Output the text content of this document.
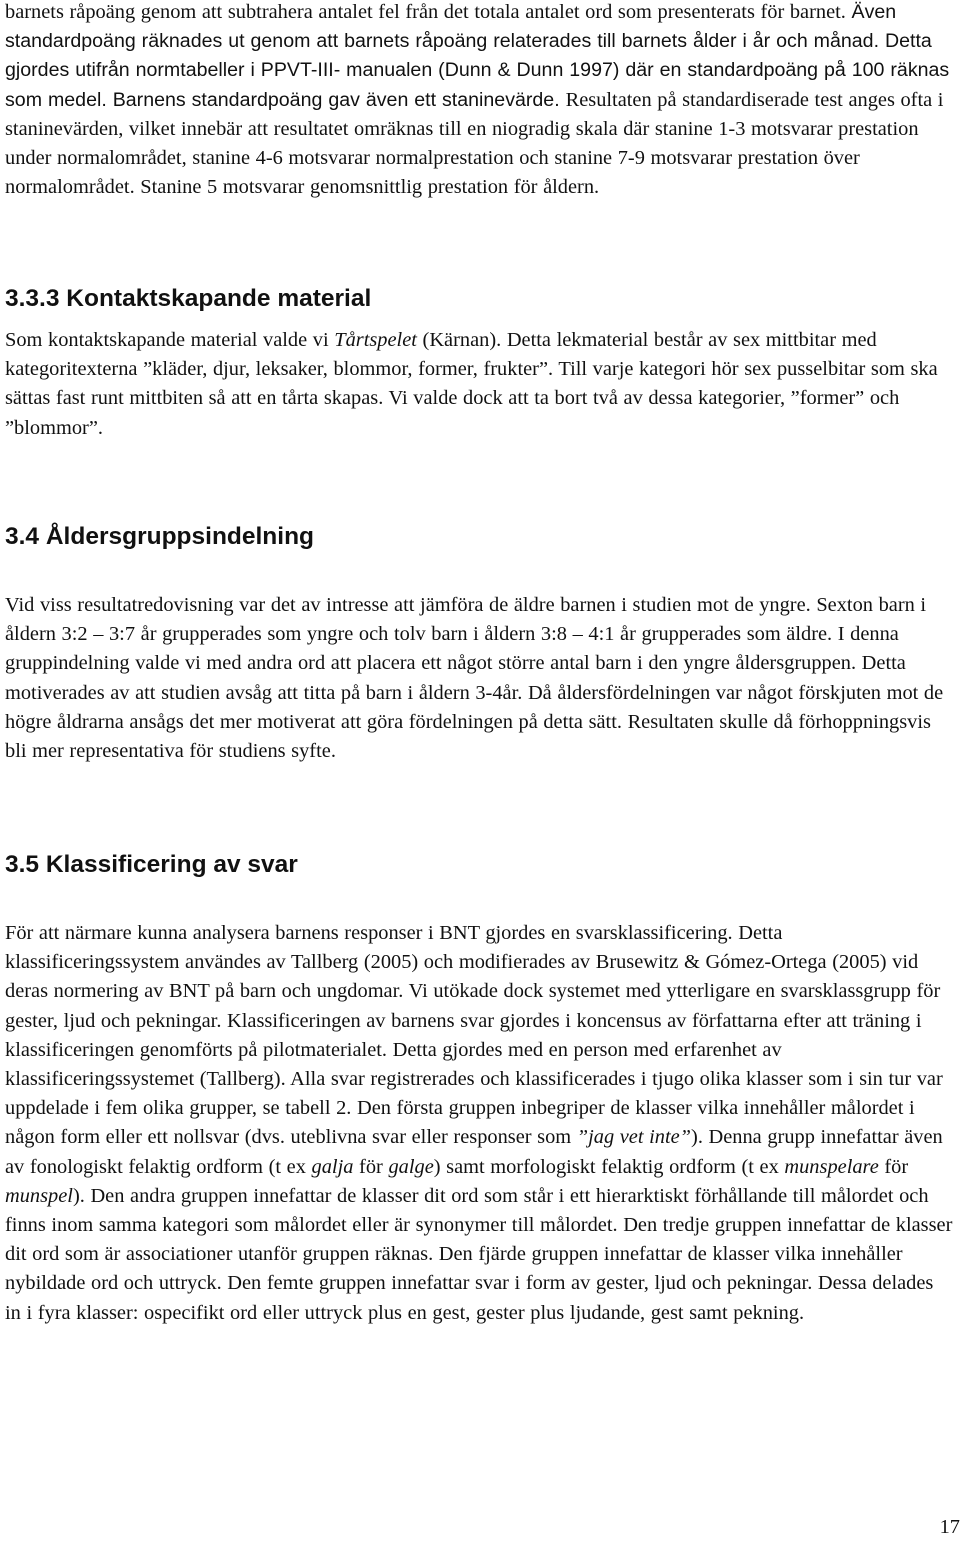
barnets råpoäng genom att subtrahera antalet fel från det totala antalet ord som presenterats för barnet. Även standardpoäng räknades ut genom att barnets råpoäng relaterades till barnets ålder i år och månad. Detta gjordes utifrån normtabeller i PPVT-III- manualen (Dunn & Dunn 1997) där en standardpoäng på 100 räknas som medel. Barnens standardpoäng gav även ett staninevärde. Resultaten på standardiserade test anges ofta i staninevärden, vilket innebär att resultatet omräknas till en niogradig skala där stanine 1-3 motsvarar prestation under normalområdet, stanine 4-6 motsvarar normalprestation och stanine 7-9 motsvarar prestation över normalområdet. Stanine 5 motsvarar genomsnittlig prestation för åldern.

3.3.3 Kontaktskapande material

Som kontaktskapande material valde vi Tårtspelet (Kärnan). Detta lekmaterial består av sex mittbitar med kategoritexterna ”kläder, djur, leksaker, blommor, former, frukter”. Till varje kategori hör sex pusselbitar som ska sättas fast runt mittbiten så att en tårta skapas. Vi valde dock att ta bort två av dessa kategorier, ”former” och ”blommor”.

3.4 Åldersgruppsindelning

Vid viss resultatredovisning var det av intresse att jämföra de äldre barnen i studien mot de yngre. Sexton barn i åldern 3:2 – 3:7 år grupperades som yngre och tolv barn i åldern 3:8 – 4:1 år grupperades som äldre. I denna gruppindelning valde vi med andra ord att placera ett något större antal barn i den yngre åldersgruppen. Detta motiverades av att studien avsåg att titta på barn i åldern 3-4år. Då åldersfördelningen var något förskjuten mot de högre åldrarna ansågs det mer motiverat att göra fördelningen på detta sätt. Resultaten skulle då förhoppningsvis bli mer representativa för studiens syfte.

3.5 Klassificering av svar

För att närmare kunna analysera barnens responser i BNT gjordes en svarsklassificering. Detta klassificeringssystem användes av Tallberg (2005) och modifierades av Brusewitz & Gómez-Ortega (2005) vid deras normering av BNT på barn och ungdomar. Vi utökade dock systemet med ytterligare en svarsklassgrupp för gester, ljud och pekningar. Klassificeringen av barnens svar gjordes i koncensus av författarna efter att träning i klassificeringen genomförts på pilotmaterialet. Detta gjordes med en person med erfarenhet av klassificeringssystemet (Tallberg). Alla svar registrerades och klassificerades i tjugo olika klasser som i sin tur var uppdelade i fem olika grupper, se tabell 2. Den första gruppen inbegriper de klasser vilka innehåller målordet i någon form eller ett nollsvar (dvs. uteblivna svar eller responser som ”jag vet inte”). Denna grupp innefattar även av fonologiskt felaktig ordform (t ex galja för galge) samt morfologiskt felaktig ordform (t ex munspelare för munspel). Den andra gruppen innefattar de klasser dit ord som står i ett hierarktiskt förhållande till målordet och finns inom samma kategori som målordet eller är synonymer till målordet. Den tredje gruppen innefattar de klasser dit ord som är associationer utanför gruppen räknas. Den fjärde gruppen innefattar de klasser vilka innehåller nybildade ord och uttryck. Den femte gruppen innefattar svar i form av gester, ljud och pekningar. Dessa delades in i fyra klasser: ospecifikt ord eller uttryck plus en gest, gester plus ljudande, gest samt pekning.

17
